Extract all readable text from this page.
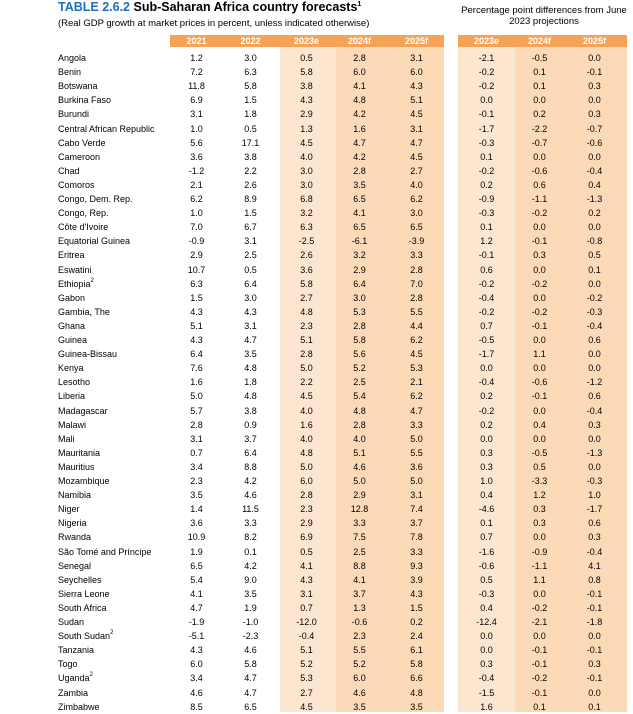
TABLE 2.6.2 Sub-Saharan Africa country forecasts$^1$
(Real GDP growth at market prices in percent, unless indicated otherwise)
Percentage point differences from June 2023 projections
2021	2022	2023e	2024f	2025f	2023e	2024f	2025f
Angola	1.2	3.0	0.5	2.8	3.1	-2.1	-0.5	0.0
Benin	7.2	6.3	5.8	6.0	6.0	-0.2	0.1	-0.1
Botswana	11.8	5.8	3.8	4.1	4.3	-0.2	0.1	0.3
Burkina Faso	6.9	1.5	4.3	4.8	5.1	0.0	0.0	0.0
Burundi	3.1	1.8	2.9	4.2	4.5	-0.1	0.2	0.3
Central African Republic	1.0	0.5	1.3	1.6	3.1	-1.7	-2.2	-0.7
Cabo Verde	5.6	17.1	4.5	4.7	4.7	-0.3	-0.7	-0.6
Cameroon	3.6	3.8	4.0	4.2	4.5	0.1	0.0	0.0
Chad	-1.2	2.2	3.0	2.8	2.7	-0.2	-0.6	-0.4
Comoros	2.1	2.6	3.0	3.5	4.0	0.2	0.6	0.4
Congo, Dem. Rep.	6.2	8.9	6.8	6.5	6.2	-0.9	-1.1	-1.3
Congo, Rep.	1.0	1.5	3.2	4.1	3.0	-0.3	-0.2	0.2
Côte d'Ivoire	7.0	6.7	6.3	6.5	6.5	0.1	0.0	0.0
Equatorial Guinea	-0.9	3.1	-2.5	-6.1	-3.9	1.2	-0.1	-0.8
Eritrea	2.9	2.5	2.6	3.2	3.3	-0.1	0.3	0.5
Eswatini	10.7	0.5	3.6	2.9	2.8	0.6	0.0	0.1
Ethiopia$^2$	6.3	6.4	5.8	6.4	7.0	-0.2	-0.2	0.0
Gabon	1.5	3.0	2.7	3.0	2.8	-0.4	0.0	-0.2
Gambia, The	4.3	4.3	4.8	5.3	5.5	-0.2	-0.2	-0.3
Ghana	5.1	3.1	2.3	2.8	4.4	0.7	-0.1	-0.4
Guinea	4.3	4.7	5.1	5.8	6.2	-0.5	0.0	0.6
Guinea-Bissau	6.4	3.5	2.8	5.6	4.5	-1.7	1.1	0.0
Kenya	7.6	4.8	5.0	5.2	5.3	0.0	0.0	0.0
Lesotho	1.6	1.8	2.2	2.5	2.1	-0.4	-0.6	-1.2
Liberia	5.0	4.8	4.5	5.4	6.2	0.2	-0.1	0.6
Madagascar	5.7	3.8	4.0	4.8	4.7	-0.2	0.0	-0.4
Malawi	2.8	0.9	1.6	2.8	3.3	0.2	0.4	0.3
Mali	3.1	3.7	4.0	4.0	5.0	0.0	0.0	0.0
Mauritania	0.7	6.4	4.8	5.1	5.5	0.3	-0.5	-1.3
Mauritius	3.4	8.8	5.0	4.6	3.6	0.3	0.5	0.0
Mozambique	2.3	4.2	6.0	5.0	5.0	1.0	-3.3	-0.3
Namibia	3.5	4.6	2.8	2.9	3.1	0.4	1.2	1.0
Niger	1.4	11.5	2.3	12.8	7.4	-4.6	0.3	-1.7
Nigeria	3.6	3.3	2.9	3.3	3.7	0.1	0.3	0.6
Rwanda	10.9	8.2	6.9	7.5	7.8	0.7	0.0	0.3
São Tomé and Príncipe	1.9	0.1	0.5	2.5	3.3	-1.6	-0.9	-0.4
Senegal	6.5	4.2	4.1	8.8	9.3	-0.6	-1.1	4.1
Seychelles	5.4	9.0	4.3	4.1	3.9	0.5	1.1	0.8
Sierra Leone	4.1	3.5	3.1	3.7	4.3	-0.3	0.0	-0.1
South Africa	4.7	1.9	0.7	1.3	1.5	0.4	-0.2	-0.1
Sudan	-1.9	-1.0	-12.0	-0.6	0.2	-12.4	-2.1	-1.8
South Sudan$^2$	-5.1	-2.3	-0.4	2.3	2.4	0.0	0.0	0.0
Tanzania	4.3	4.6	5.1	5.5	6.1	0.0	-0.1	-0.1
Togo	6.0	5.8	5.2	5.2	5.8	0.3	-0.1	0.3
Uganda$^2$	3.4	4.7	5.3	6.0	6.6	-0.4	-0.2	-0.1
Zambia	4.6	4.7	2.7	4.6	4.8	-1.5	-0.1	0.0
Zimbabwe	8.5	6.5	4.5	3.5	3.5	1.6	0.1	0.1
